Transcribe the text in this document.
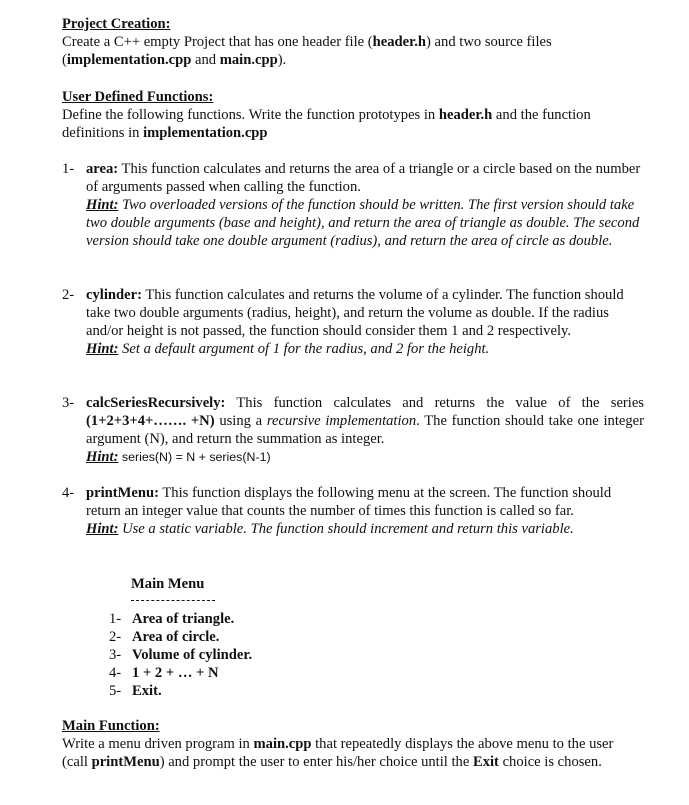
Project Creation:

Create a C++ empty Project that has one header file (header.h) and two source files (implementation.cpp and main.cpp).

User Defined Functions:

Define the following functions. Write the function prototypes in header.h and the function definitions in implementation.cpp

1- area: This function calculates and returns the area of a triangle or a circle based on the number of arguments passed when calling the function.

Hint: Two overloaded versions of the function should be written. The first version should take two double arguments (base and height), and return the area of triangle as double. The second version should take one double argument (radius), and return the area of circle as double.

2- cylinder: This function calculates and returns the volume of a cylinder. The function should take two double arguments (radius, height), and return the volume as double. If the radius and/or height is not passed, the function should consider them 1 and 2 respectively.

Hint: Set a default argument of 1 for the radius, and 2 for the height.

3- calcSeriesRecursively: This function calculates and returns the value of the series (1+2+3+4+……. +N) using a recursive implementation. The function should take one integer argument (N), and return the summation as integer.

Hint: series(N) = N + series(N-1)

4- printMenu: This function displays the following menu at the screen. The function should return an integer value that counts the number of times this function is called so far.

Hint: Use a static variable. The function should increment and return this variable.

Main Menu
1- Area of triangle.
2- Area of circle.
3- Volume of cylinder.
4- 1 + 2 + … + N
5- Exit.

Main Function:

Write a menu driven program in main.cpp that repeatedly displays the above menu to the user (call printMenu) and prompt the user to enter his/her choice until the Exit choice is chosen.
